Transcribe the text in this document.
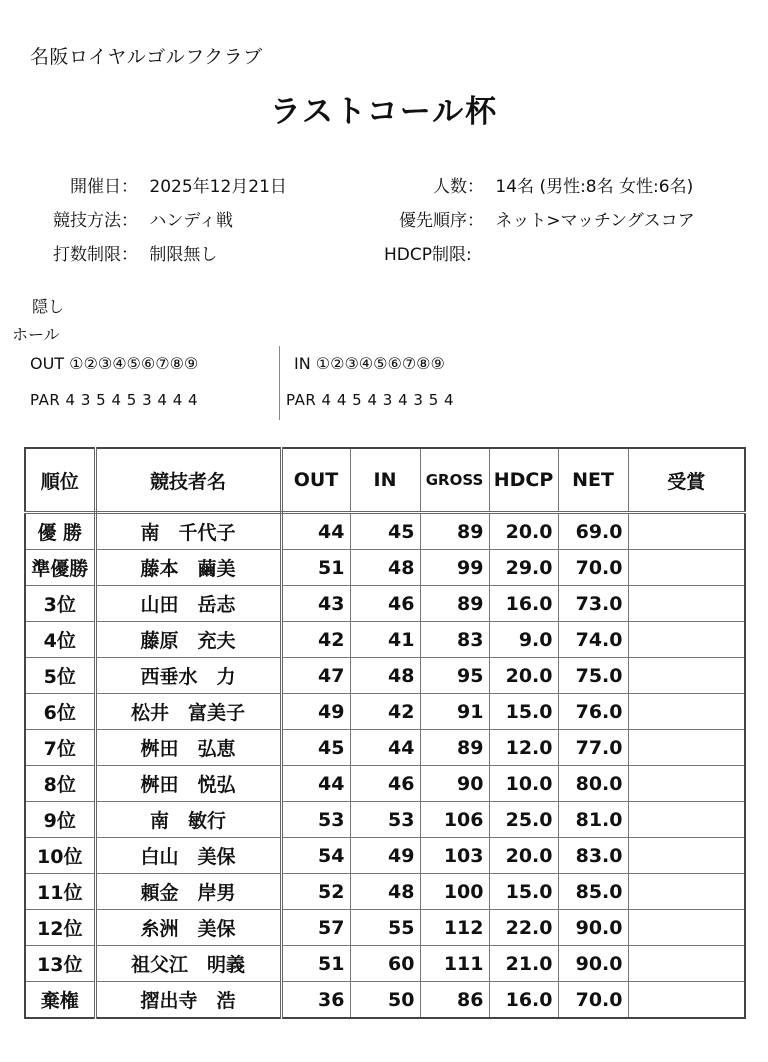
名阪ロイヤルゴルフクラブ
ラストコール杯
開催日： 2025年12月21日
競技方法： ハンディ戦
打数制限： 制限無し
人数： 14名 (男性:8名 女性:6名)
優先順序： ネット>マッチングスコア
HDCP制限:
隠し
ホール
OUT ①②③④⑤⑥⑦⑧⑨	IN ①②③④⑤⑥⑦⑧⑨
PAR 4 3 5 4 5 3 4 4 4	PAR 4 4 5 4 3 4 3 5 4
順位	競技者名	OUT	IN	GROSS	HDCP	NET	受賞
優 勝	南　千代子	44	45	89	20.0	69.0	
準優勝	藤本　繭美	51	48	99	29.0	70.0	
3位	山田　岳志	43	46	89	16.0	73.0	
4位	藤原　充夫	42	41	83	9.0	74.0	
5位	西垂水　力	47	48	95	20.0	75.0	
6位	松井　富美子	49	42	91	15.0	76.0	
7位	桝田　弘恵	45	44	89	12.0	77.0	
8位	桝田　悦弘	44	46	90	10.0	80.0	
9位	南　敏行	53	53	106	25.0	81.0	
10位	白山　美保	54	49	103	20.0	83.0	
11位	頼金　岸男	52	48	100	15.0	85.0	
12位	糸洲　美保	57	55	112	22.0	90.0	
13位	祖父江　明義	51	60	111	21.0	90.0	
棄権	摺出寺　浩	36	50	86	16.0	70.0	
